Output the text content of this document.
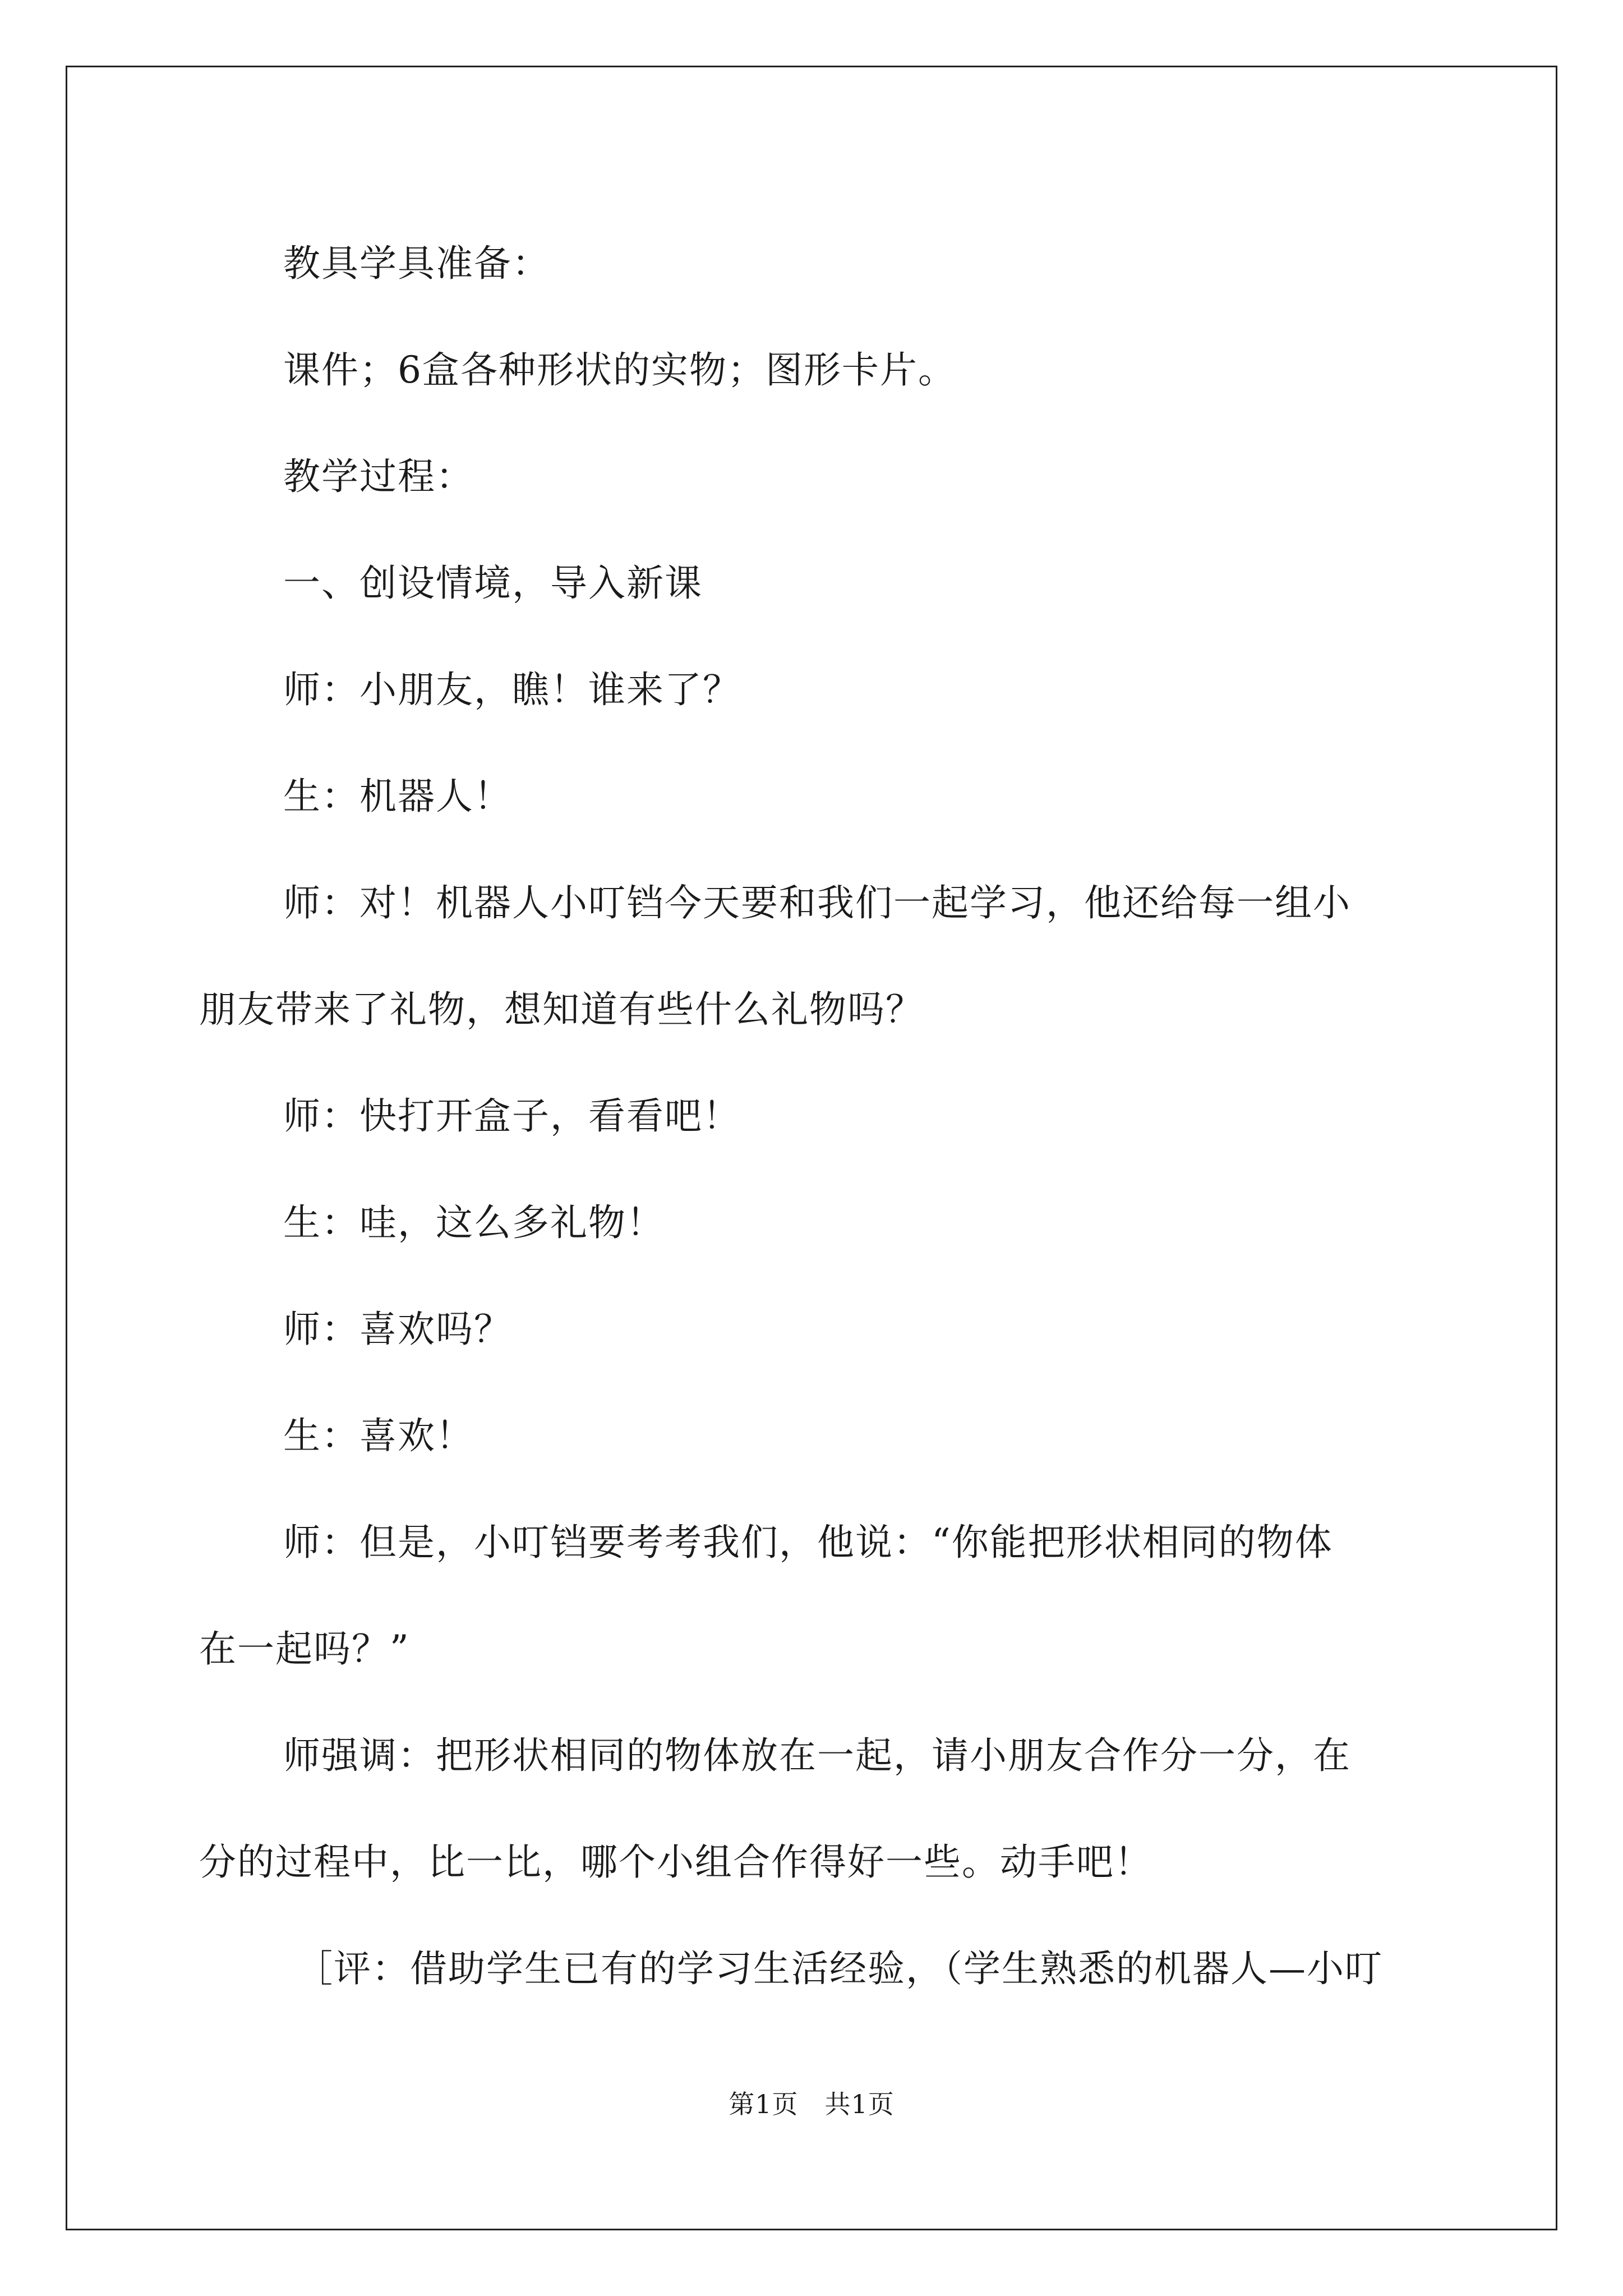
教具学具准备：

课件；6盒各种形状的实物；图形卡片。

教学过程：

一、创设情境，导入新课

师：小朋友，瞧！谁来了？

生：机器人！

师：对！机器人小叮铛今天要和我们一起学习，他还给每一组小

朋友带来了礼物，想知道有些什么礼物吗？

师：快打开盒子，看看吧！

生：哇，这么多礼物！

师：喜欢吗？

生：喜欢！

师：但是，小叮铛要考考我们，他说：“你能把形状相同的物体

在一起吗？”

师强调：把形状相同的物体放在一起，请小朋友合作分一分，在

分的过程中，比一比，哪个小组合作得好一些。动手吧！

［评：借助学生已有的学习生活经验，（学生熟悉的机器人—小叮

第1页　共1页
